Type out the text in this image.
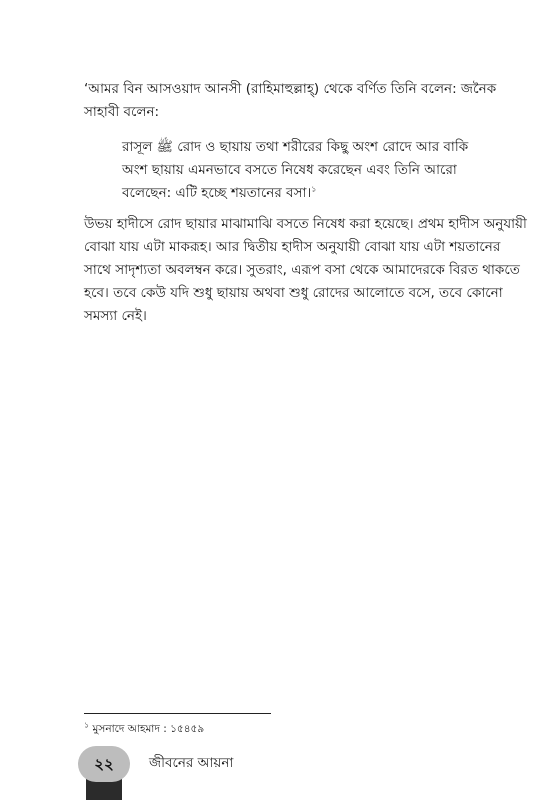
‘আমর বিন আসওয়াদ আনসী (রাহিমাহুল্লাহ্) থেকে বর্ণিত তিনি বলেন: জনৈক
সাহাবী বলেন:

রাসূল ﷺ রোদ ও ছায়ায় তথা শরীরের কিছু অংশ রোদে আর বাকি
অংশ ছায়ায় এমনভাবে বসতে নিষেধ করেছেন এবং তিনি আরো
বলেছেন: এটি হচ্ছে শয়তানের বসা।$^১$

উভয় হাদীসে রোদ ছায়ার মাঝামাঝি বসতে নিষেধ করা হয়েছে। প্রথম হাদীস অনুযায়ী
বোঝা যায় এটা মাকরূহ। আর দ্বিতীয় হাদীস অনুযায়ী বোঝা যায় এটা শয়তানের
সাথে সাদৃশ্যতা অবলম্বন করে। সুতরাং, এরূপ বসা থেকে আমাদেরকে বিরত থাকতে
হবে। তবে কেউ যদি শুধু ছায়ায় অথবা শুধু রোদের আলোতে বসে, তবে কোনো
সমস্যা নেই।

$^১$ মুসনাদে আহমাদ : ১৫৪৫৯
২২	জীবনের আয়না
